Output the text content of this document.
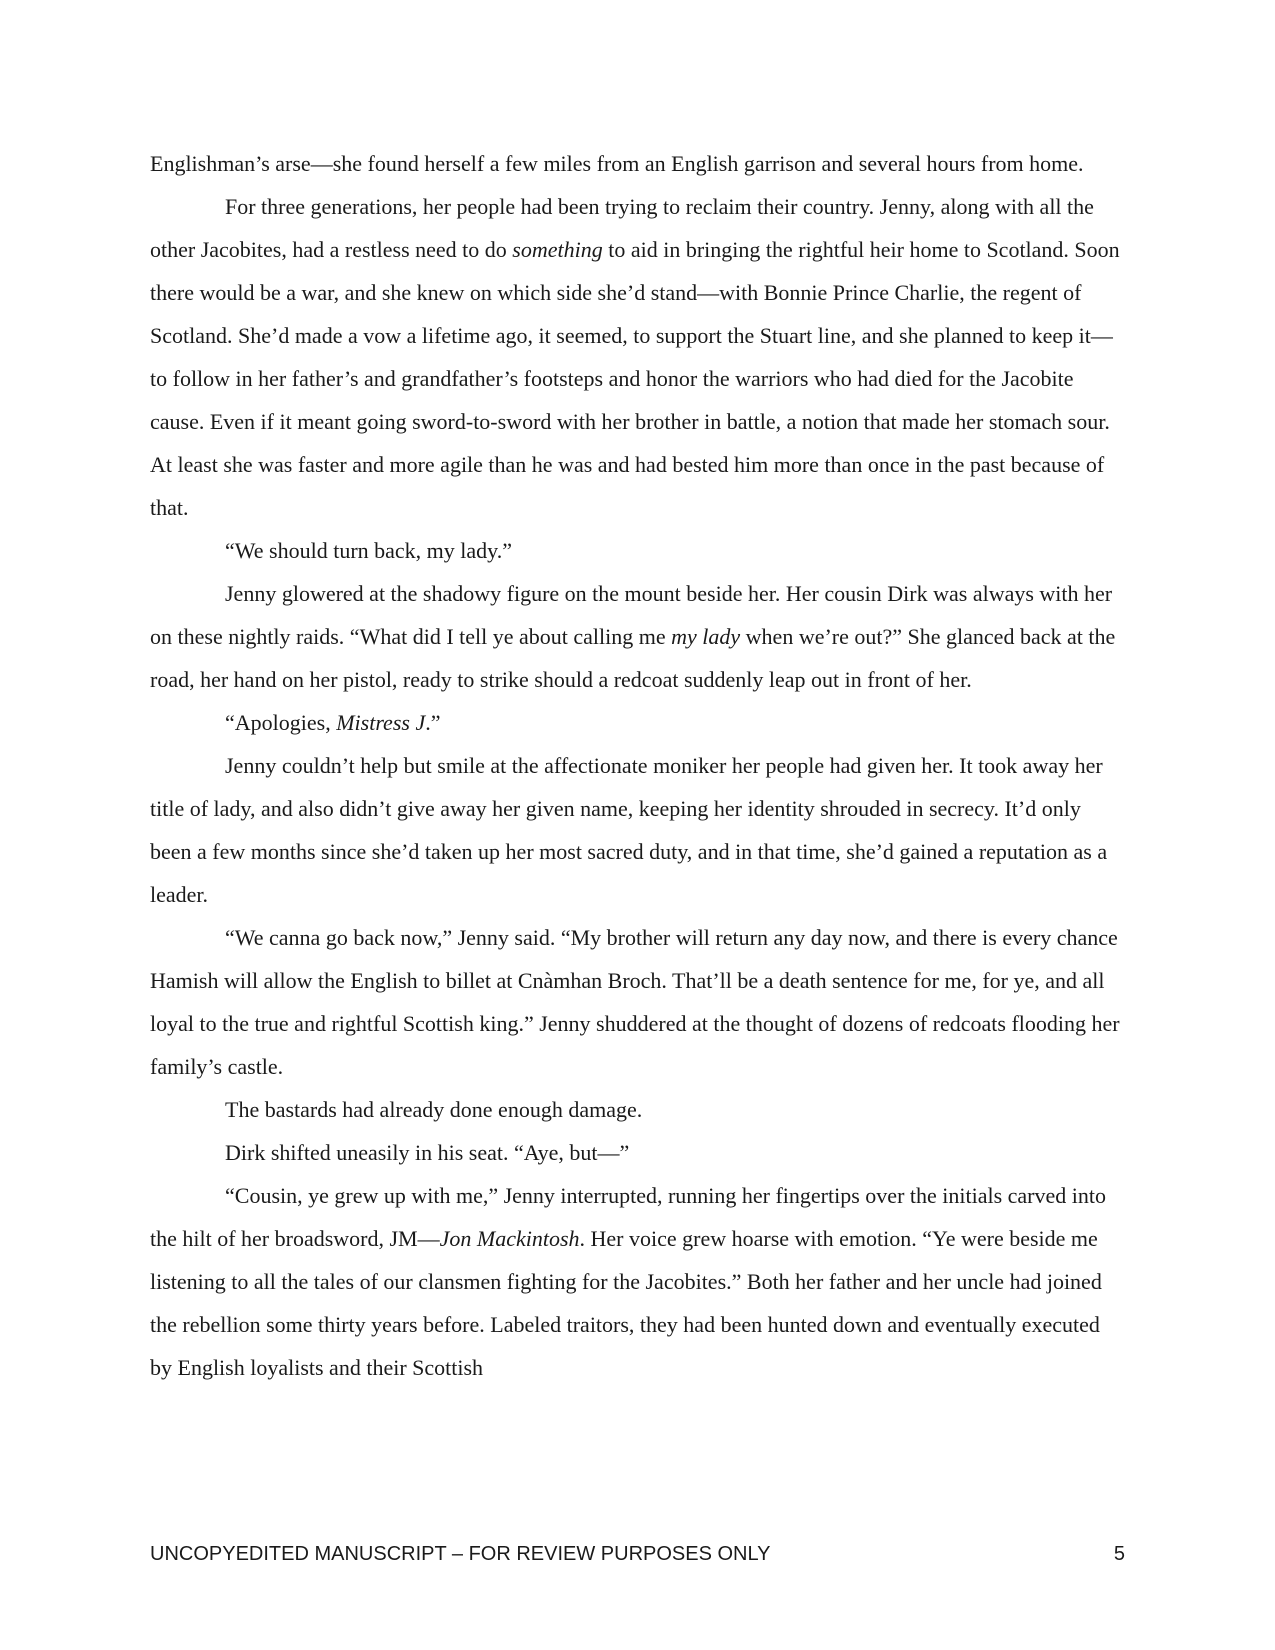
Englishman’s arse—she found herself a few miles from an English garrison and several hours from home.

For three generations, her people had been trying to reclaim their country. Jenny, along with all the other Jacobites, had a restless need to do something to aid in bringing the rightful heir home to Scotland. Soon there would be a war, and she knew on which side she’d stand—with Bonnie Prince Charlie, the regent of Scotland. She’d made a vow a lifetime ago, it seemed, to support the Stuart line, and she planned to keep it—to follow in her father’s and grandfather’s footsteps and honor the warriors who had died for the Jacobite cause. Even if it meant going sword-to-sword with her brother in battle, a notion that made her stomach sour. At least she was faster and more agile than he was and had bested him more than once in the past because of that.

“We should turn back, my lady.”

Jenny glowered at the shadowy figure on the mount beside her. Her cousin Dirk was always with her on these nightly raids. “What did I tell ye about calling me my lady when we’re out?” She glanced back at the road, her hand on her pistol, ready to strike should a redcoat suddenly leap out in front of her.

“Apologies, Mistress J.”

Jenny couldn’t help but smile at the affectionate moniker her people had given her. It took away her title of lady, and also didn’t give away her given name, keeping her identity shrouded in secrecy. It’d only been a few months since she’d taken up her most sacred duty, and in that time, she’d gained a reputation as a leader.

“We canna go back now,” Jenny said. “My brother will return any day now, and there is every chance Hamish will allow the English to billet at Cnàmhan Broch. That’ll be a death sentence for me, for ye, and all loyal to the true and rightful Scottish king.” Jenny shuddered at the thought of dozens of redcoats flooding her family’s castle.

The bastards had already done enough damage.

Dirk shifted uneasily in his seat. “Aye, but—”

“Cousin, ye grew up with me,” Jenny interrupted, running her fingertips over the initials carved into the hilt of her broadsword, JM—Jon Mackintosh. Her voice grew hoarse with emotion. “Ye were beside me listening to all the tales of our clansmen fighting for the Jacobites.” Both her father and her uncle had joined the rebellion some thirty years before. Labeled traitors, they had been hunted down and eventually executed by English loyalists and their Scottish

UNCOPYEDITED MANUSCRIPT – FOR REVIEW PURPOSES ONLY	5
